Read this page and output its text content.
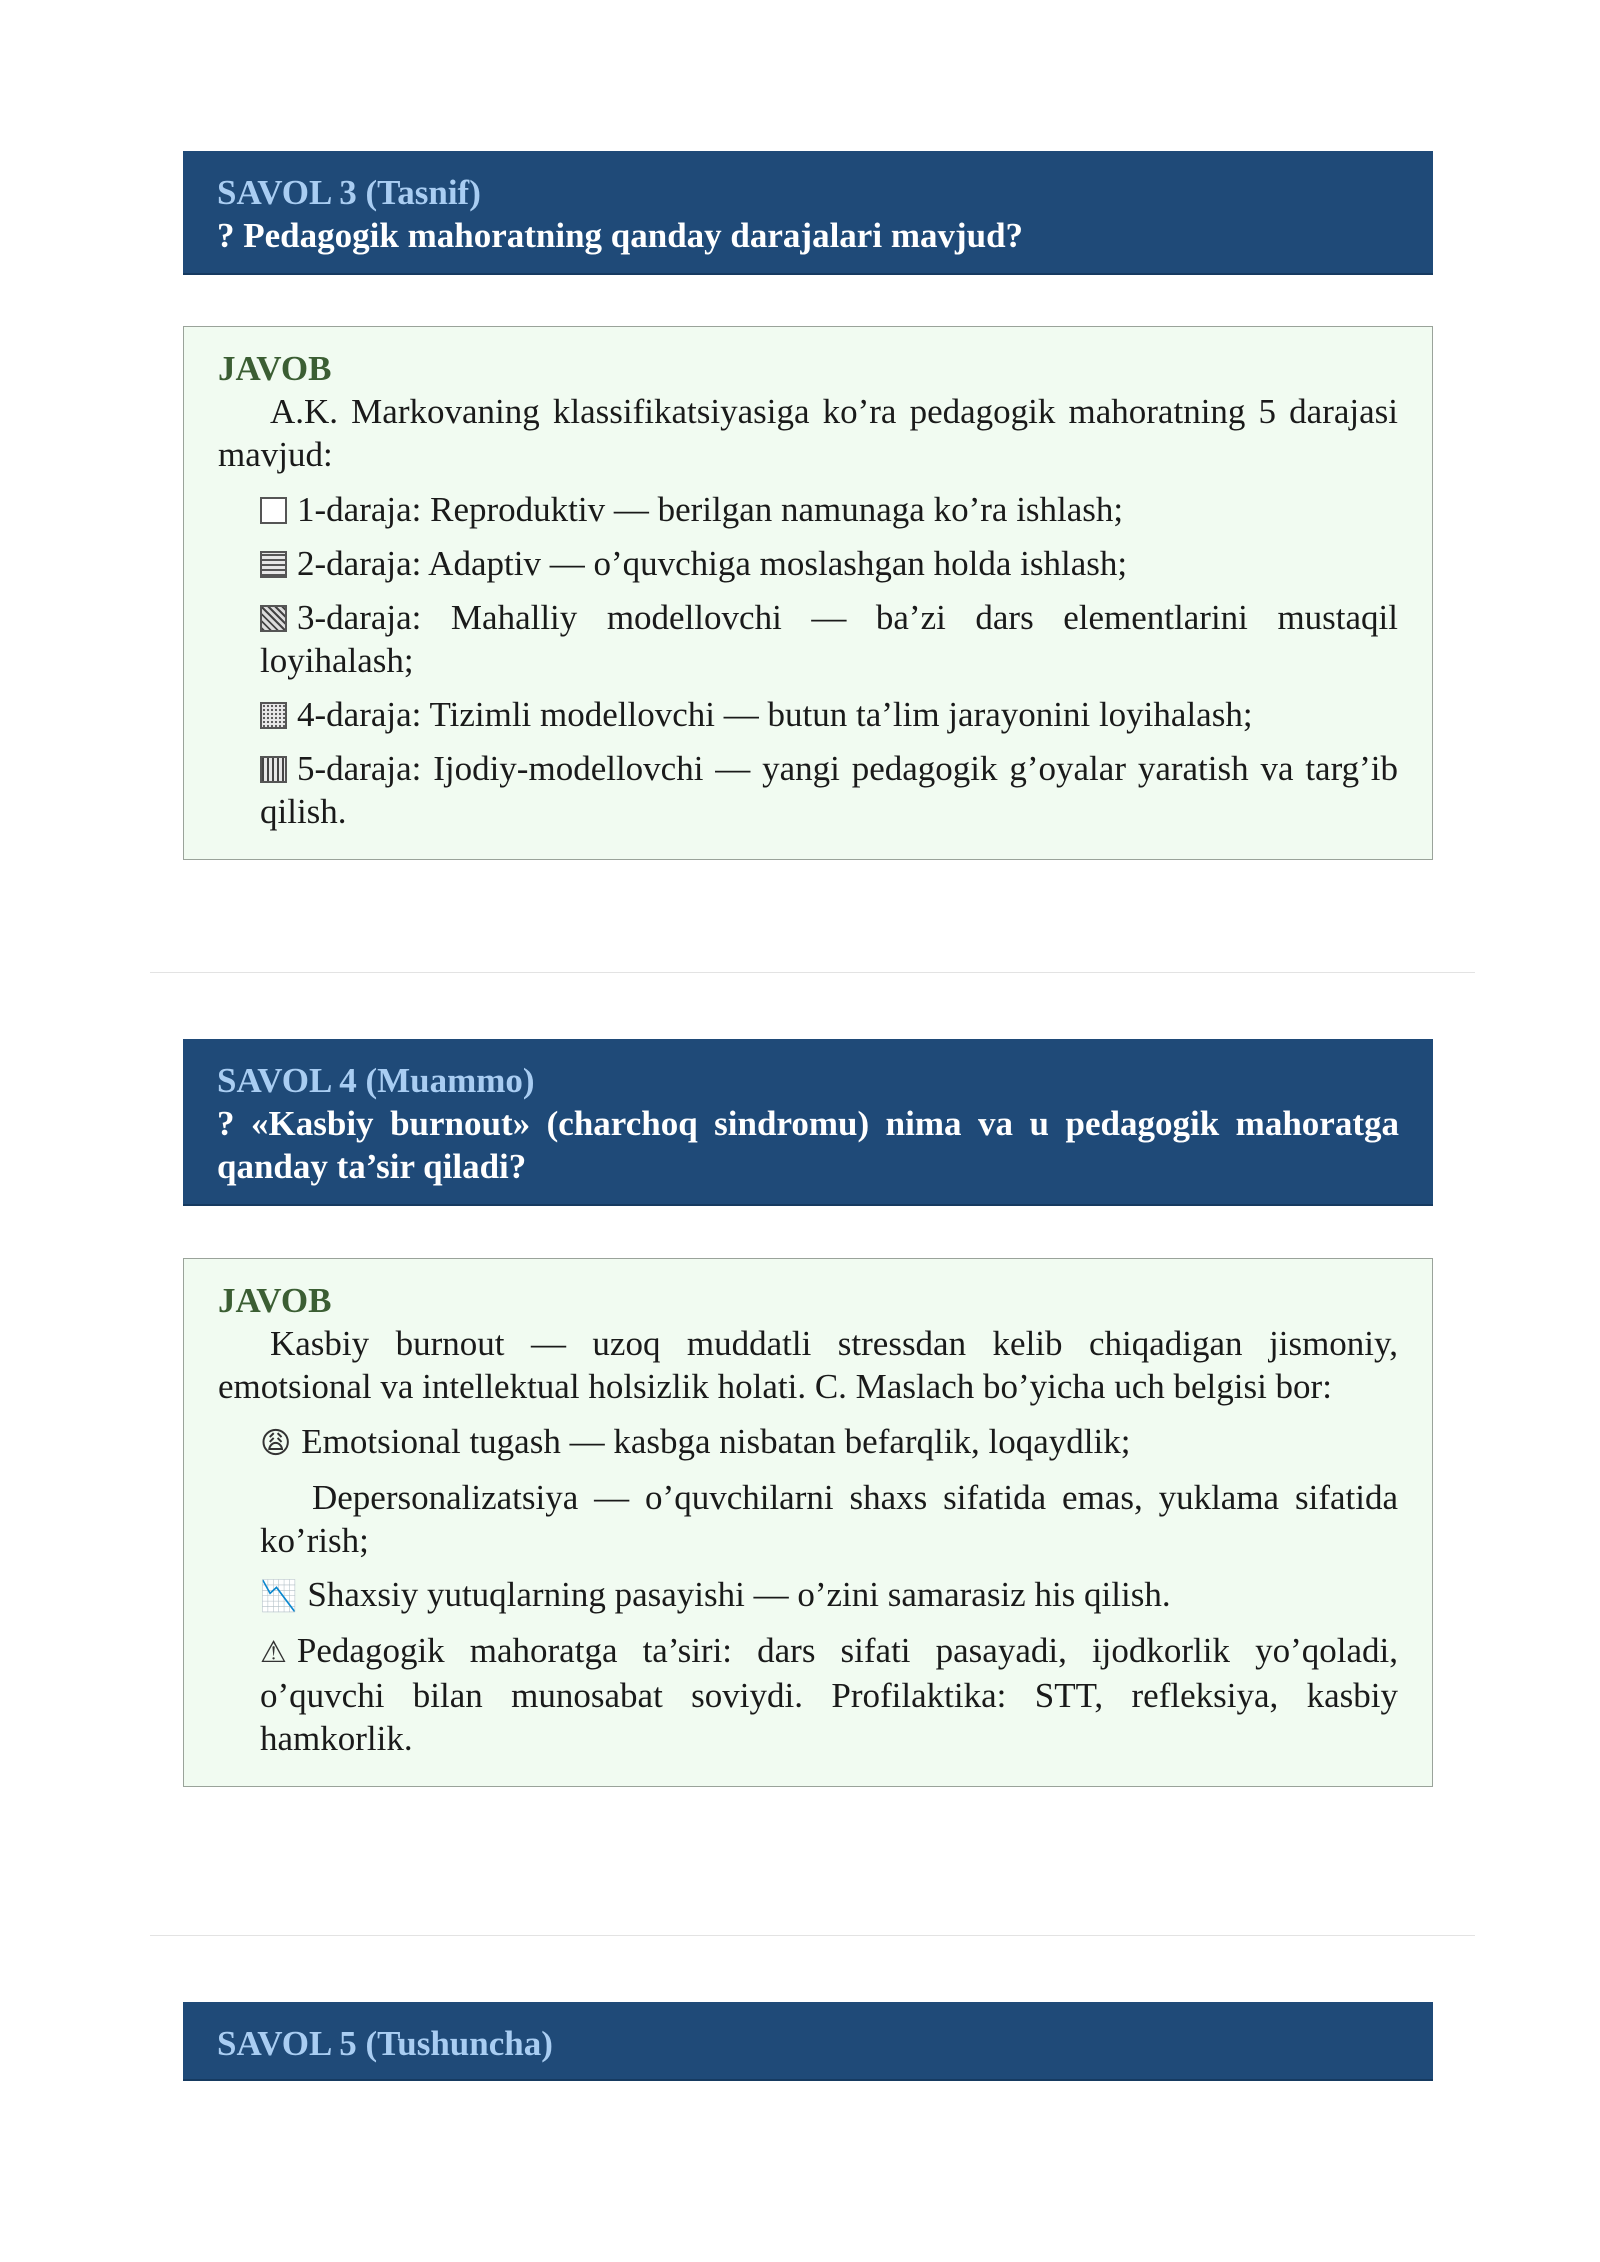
SAVOL 3 (Tasnif)
? Pedagogik mahoratning qanday darajalari mavjud?
JAVOB

A.K. Markovaning klassifikatsiyasiga ko’ra pedagogik mahoratning 5 darajasi mavjud:

1-daraja: Reproduktiv — berilgan namunaga ko’ra ishlash;
2-daraja: Adaptiv — o’quvchiga moslashgan holda ishlash;
3-daraja: Mahalliy modellovchi — ba’zi dars elementlarini mustaqil loyihalash;
4-daraja: Tizimli modellovchi — butun ta’lim jarayonini loyihalash;
5-daraja: Ijodiy-modellovchi — yangi pedagogik g’oyalar yaratish va targ’ib qilish.
SAVOL 4 (Muammo)
? «Kasbiy burnout» (charchoq sindromu) nima va u pedagogik mahoratga qanday ta’sir qiladi?
JAVOB

Kasbiy burnout — uzoq muddatli stressdan kelib chiqadigan jismoniy, emotsional va intellektual holsizlik holati. C. Maslach bo’yicha uch belgisi bor:

😩 Emotsional tugash — kasbga nisbatan befarqlik, loqaydlik;
Depersonalizatsiya — o’quvchilarni shaxs sifatida emas, yuklama sifatida ko’rish;
📉 Shaxsiy yutuqlarning pasayishi — o’zini samarasiz his qilish.
⚠ Pedagogik mahoratga ta’siri: dars sifati pasayadi, ijodkorlik yo’qoladi, o’quvchi bilan munosabat soviydi. Profilaktika: STT, refleksiya, kasbiy hamkorlik.
SAVOL 5 (Tushuncha)
